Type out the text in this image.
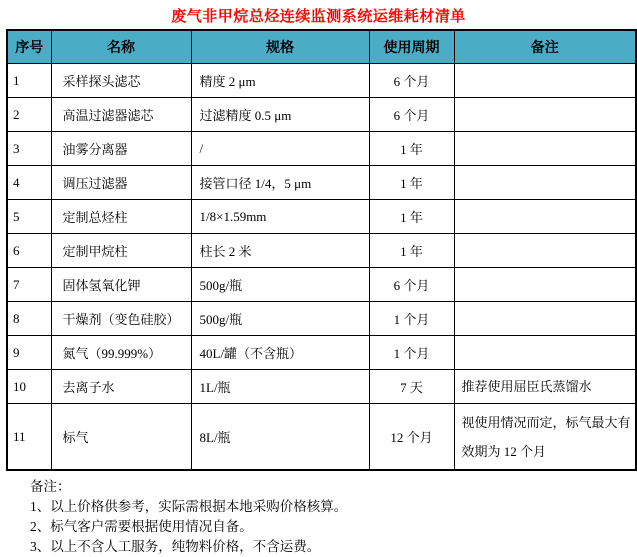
废气非甲烷总烃连续监测系统运维耗材清单
序号	名称	规格	使用周期	备注
1	采样探头滤芯	精度 2 μm	6 个月	
2	高温过滤器滤芯	过滤精度 0.5 μm	6 个月	
3	油雾分离器	/	1 年	
4	调压过滤器	接管口径 1/4，5 μm	1 年	
5	定制总烃柱	1/8×1.59mm	1 年	
6	定制甲烷柱	柱长 2 米	1 年	
7	固体氢氧化钾	500g/瓶	6 个月	
8	干燥剂（变色硅胶）	500g/瓶	1 个月	
9	氮气（99.999%）	40L/罐（不含瓶）	1 个月	
10	去离子水	1L/瓶	7 天	推荐使用屈臣氏蒸馏水
11	标气	8L/瓶	12 个月	视使用情况而定，标气最大有效期为 12 个月
备注：
1、以上价格供参考，实际需根据本地采购价格核算。
2、标气客户需要根据使用情况自备。
3、以上不含人工服务，纯物料价格，不含运费。
